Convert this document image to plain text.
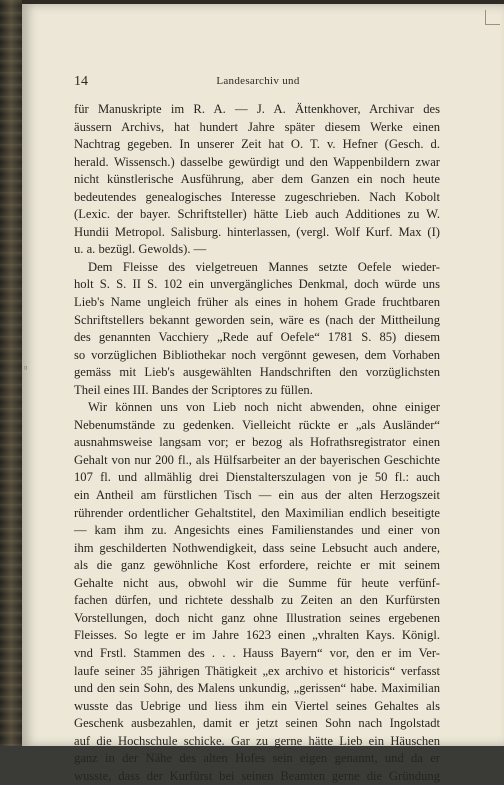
ᴵᴵ
14	Landesarchiv und
für Manuskripte im R. A. — J. A. Ättenkhover, Archivar des
äussern Archivs, hat hundert Jahre später diesem Werke einen
Nachtrag gegeben. In unserer Zeit hat O. T. v. Hefner (Gesch. d.
herald. Wissensch.) dasselbe gewürdigt und den Wappenbildern zwar
nicht künstlerische Ausführung, aber dem Ganzen ein noch heute
bedeutendes genealogisches Interesse zugeschrieben. Nach Kobolt
(Lexic. der bayer. Schriftsteller) hätte Lieb auch Additiones zu W.
Hundii Metropol. Salisburg. hinterlassen, (vergl. Wolf Kurf. Max (I)
u. a. bezügl. Gewolds). —
Dem Fleisse des vielgetreuen Mannes setzte Oefele wieder-
holt S. S. II S. 102 ein unvergängliches Denkmal, doch würde uns
Lieb's Name ungleich früher als eines in hohem Grade fruchtbaren
Schriftstellers bekannt geworden sein, wäre es (nach der Mittheilung
des genannten Vacchiery „Rede auf Oefele“ 1781 S. 85) diesem
so vorzüglichen Bibliothekar noch vergönnt gewesen, dem Vorhaben
gemäss mit Lieb's ausgewählten Handschriften den vorzüglichsten
Theil eines III. Bandes der Scriptores zu füllen.
Wir können uns von Lieb noch nicht abwenden, ohne einiger
Nebenumstände zu gedenken. Vielleicht rückte er „als Ausländer“
ausnahmsweise langsam vor; er bezog als Hofrathsregistrator einen
Gehalt von nur 200 fl., als Hülfsarbeiter an der bayerischen Geschichte
107 fl. und allmählig drei Dienstalterszulagen von je 50 fl.: auch
ein Antheil am fürstlichen Tisch — ein aus der alten Herzogszeit
rührender ordentlicher Gehaltstitel, den Maximilian endlich beseitigte
— kam ihm zu. Angesichts eines Familienstandes und einer von
ihm geschilderten Nothwendigkeit, dass seine Lebsucht auch andere,
als die ganz gewöhnliche Kost erfordere, reichte er mit seinem
Gehalte nicht aus, obwohl wir die Summe für heute verfünf-
fachen dürfen, und richtete desshalb zu Zeiten an den Kurfürsten
Vorstellungen, doch nicht ganz ohne Illustration seines ergebenen
Fleisses. So legte er im Jahre 1623 einen „vhralten Kays. Königl.
vnd Frstl. Stammen des . . . Hauss Bayern“ vor, den er im Ver-
laufe seiner 35 jährigen Thätigkeit „ex archivo et historicis“ verfasst
und den sein Sohn, des Malens unkundig, „gerissen“ habe. Maximilian
wusste das Uebrige und liess ihm ein Viertel seines Gehaltes als
Geschenk ausbezahlen, damit er jetzt seinen Sohn nach Ingolstadt
auf die Hochschule schicke. Gar zu gerne hätte Lieb ein Häuschen
ganz in der Nähe des alten Hofes sein eigen genannt, und da er
wusste, dass der Kurfürst bei seinen Beamten gerne die Gründung
